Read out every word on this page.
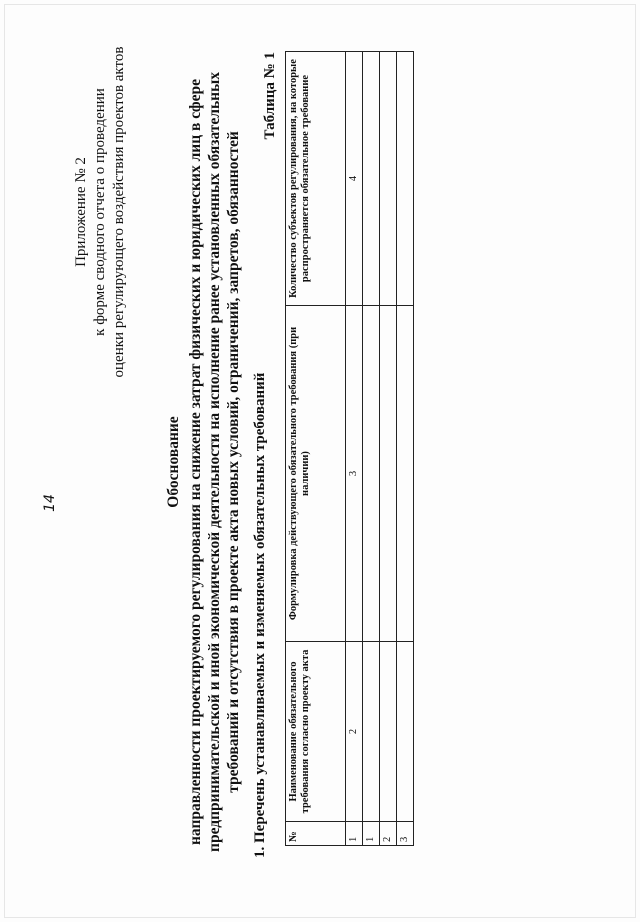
14
Приложение № 2 к форме сводного отчета о проведении оценки регулирующего воздействия проектов актов
Обоснование направленности проектируемого регулирования на снижение затрат физических и юридических лиц в сфере предпринимательской и иной экономической деятельности на исполнение ранее установленных обязательных требований и отсутствия в проекте акта новых условий, ограничений, запретов, обязанностей 1. Перечень устанавливаемых и изменяемых обязательных требований
Таблица № 1
№	Наименование обязательного требования согласно проекту акта	Формулировка действующего обязательного требования (при наличии)	Количество субъектов регулирования, на которые распространяется обязательное требование
1	2	3	4
1			
2			
3			
